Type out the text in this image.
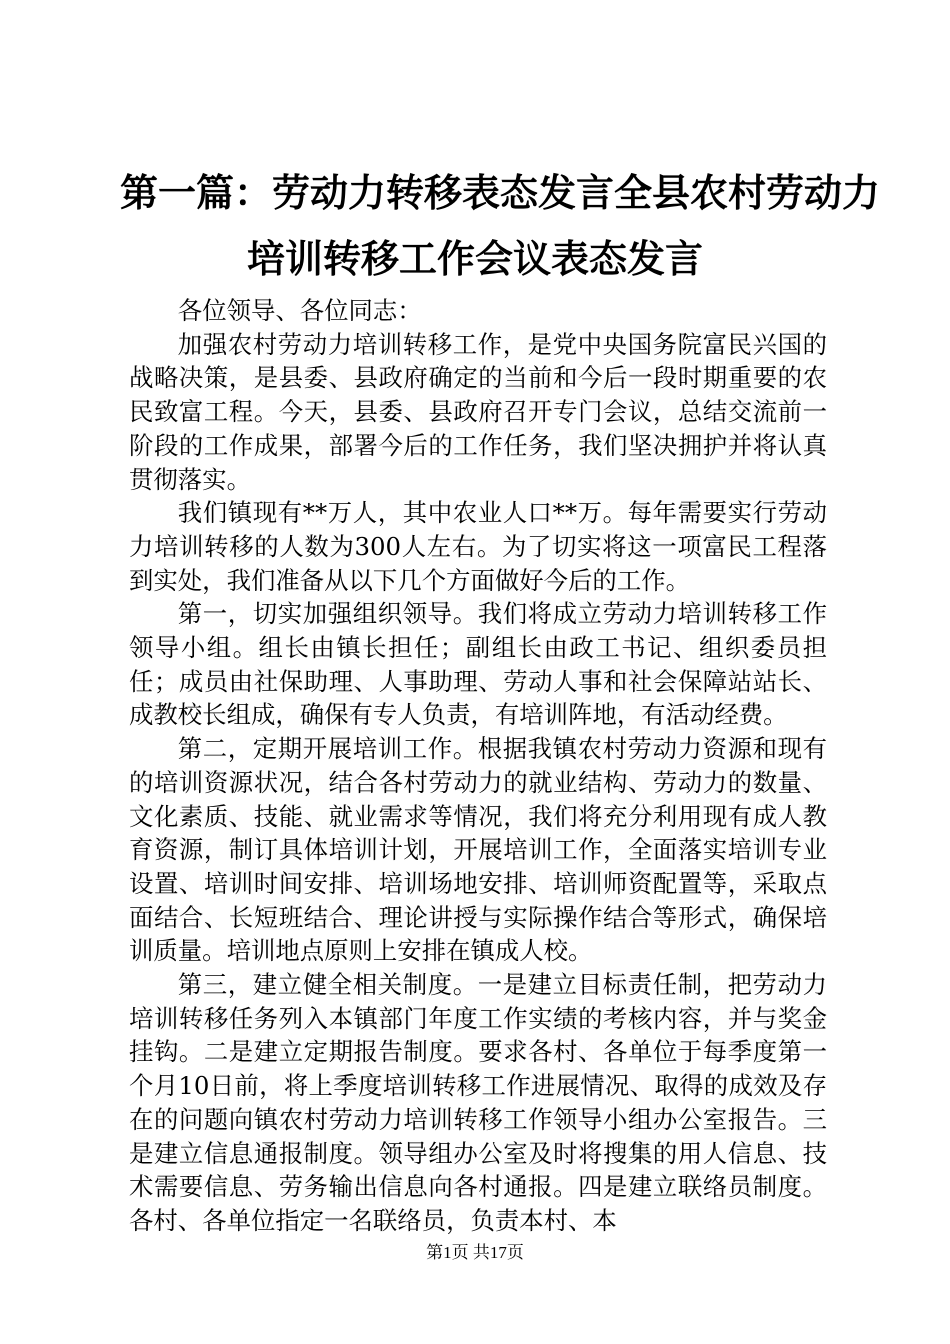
第一篇：劳动力转移表态发言全县农村劳动力
培训转移工作会议表态发言

各位领导、各位同志：

加强农村劳动力培训转移工作，是党中央国务院富民兴国的战略决策，是县委、县政府确定的当前和今后一段时期重要的农民致富工程。今天，县委、县政府召开专门会议，总结交流前一阶段的工作成果，部署今后的工作任务，我们坚决拥护并将认真贯彻落实。

我们镇现有**万人，其中农业人口**万。每年需要实行劳动力培训转移的人数为300人左右。为了切实将这一项富民工程落到实处，我们准备从以下几个方面做好今后的工作。

第一，切实加强组织领导。我们将成立劳动力培训转移工作领导小组。组长由镇长担任；副组长由政工书记、组织委员担任；成员由社保助理、人事助理、劳动人事和社会保障站站长、成教校长组成，确保有专人负责，有培训阵地，有活动经费。

第二，定期开展培训工作。根据我镇农村劳动力资源和现有的培训资源状况，结合各村劳动力的就业结构、劳动力的数量、文化素质、技能、就业需求等情况，我们将充分利用现有成人教育资源，制订具体培训计划，开展培训工作，全面落实培训专业设置、培训时间安排、培训场地安排、培训师资配置等，采取点面结合、长短班结合、理论讲授与实际操作结合等形式，确保培训质量。培训地点原则上安排在镇成人校。

第三，建立健全相关制度。一是建立目标责任制，把劳动力培训转移任务列入本镇部门年度工作实绩的考核内容，并与奖金挂钩。二是建立定期报告制度。要求各村、各单位于每季度第一个月10日前，将上季度培训转移工作进展情况、取得的成效及存在的问题向镇农村劳动力培训转移工作领导小组办公室报告。三是建立信息通报制度。领导组办公室及时将搜集的用人信息、技术需要信息、劳务输出信息向各村通报。四是建立联络员制度。各村、各单位指定一名联络员，负责本村、本

第1页 共17页
